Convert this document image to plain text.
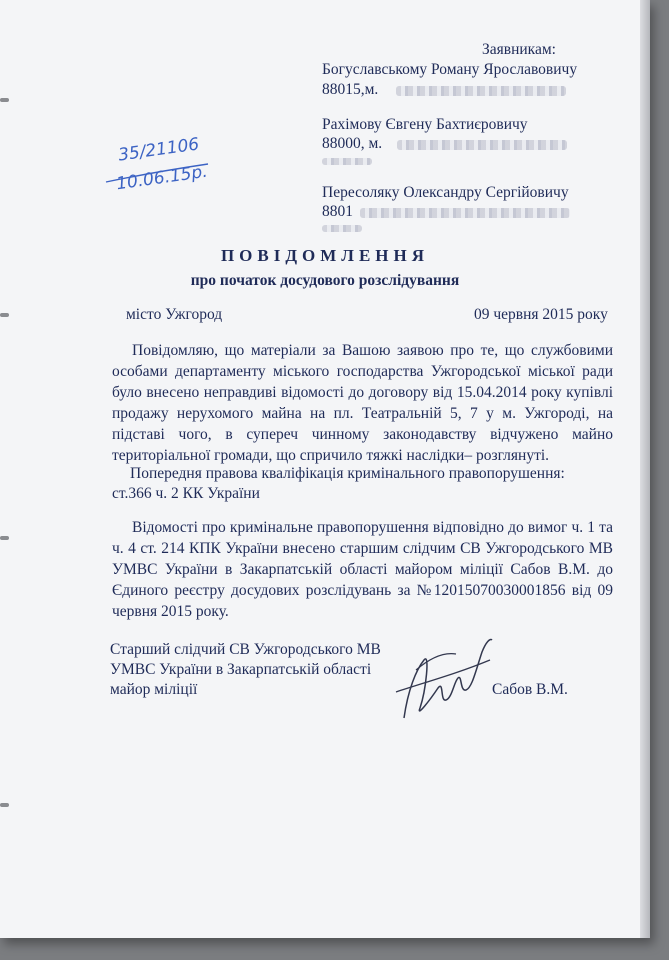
Заявникам:
Богуславському Роману Ярославовичу
88015,м.
Рахімову Євгену Бахтиєровичу
88000, м.
Пересоляку Олександру Сергійовичу
8801
35/21106
10.06.15р.
ПОВІДОМЛЕННЯ
про початок досудового розслідування
місто Ужгород	09 червня 2015 року
Повідомляю, що матеріали за Вашою заявою про те, що службовими особами департаменту міського господарства Ужгородської міської ради було внесено неправдиві відомості до договору від 15.04.2014 року купівлі продажу нерухомого майна на пл. Театральній 5, 7 у м. Ужгороді, на підставі чого, в супереч чинному законодавству відчужено майно територіальної громади, що спричило тяжкі наслідки– розглянуті.
Попередня правова кваліфікація кримінального правопорушення:
ст.366 ч. 2 КК України
Відомості про кримінальне правопорушення відповідно до вимог ч. 1 та ч. 4 ст. 214 КПК України внесено старшим слідчим СВ Ужгородського МВ УМВС України в Закарпатській області майором міліції Сабов В.М. до Єдиного реєстру досудових розслідувань за №12015070030001856 від 09 червня 2015 року.
Старший слідчий СВ Ужгородського МВ
УМВС України в Закарпатській області
майор міліції	Сабов В.М.
